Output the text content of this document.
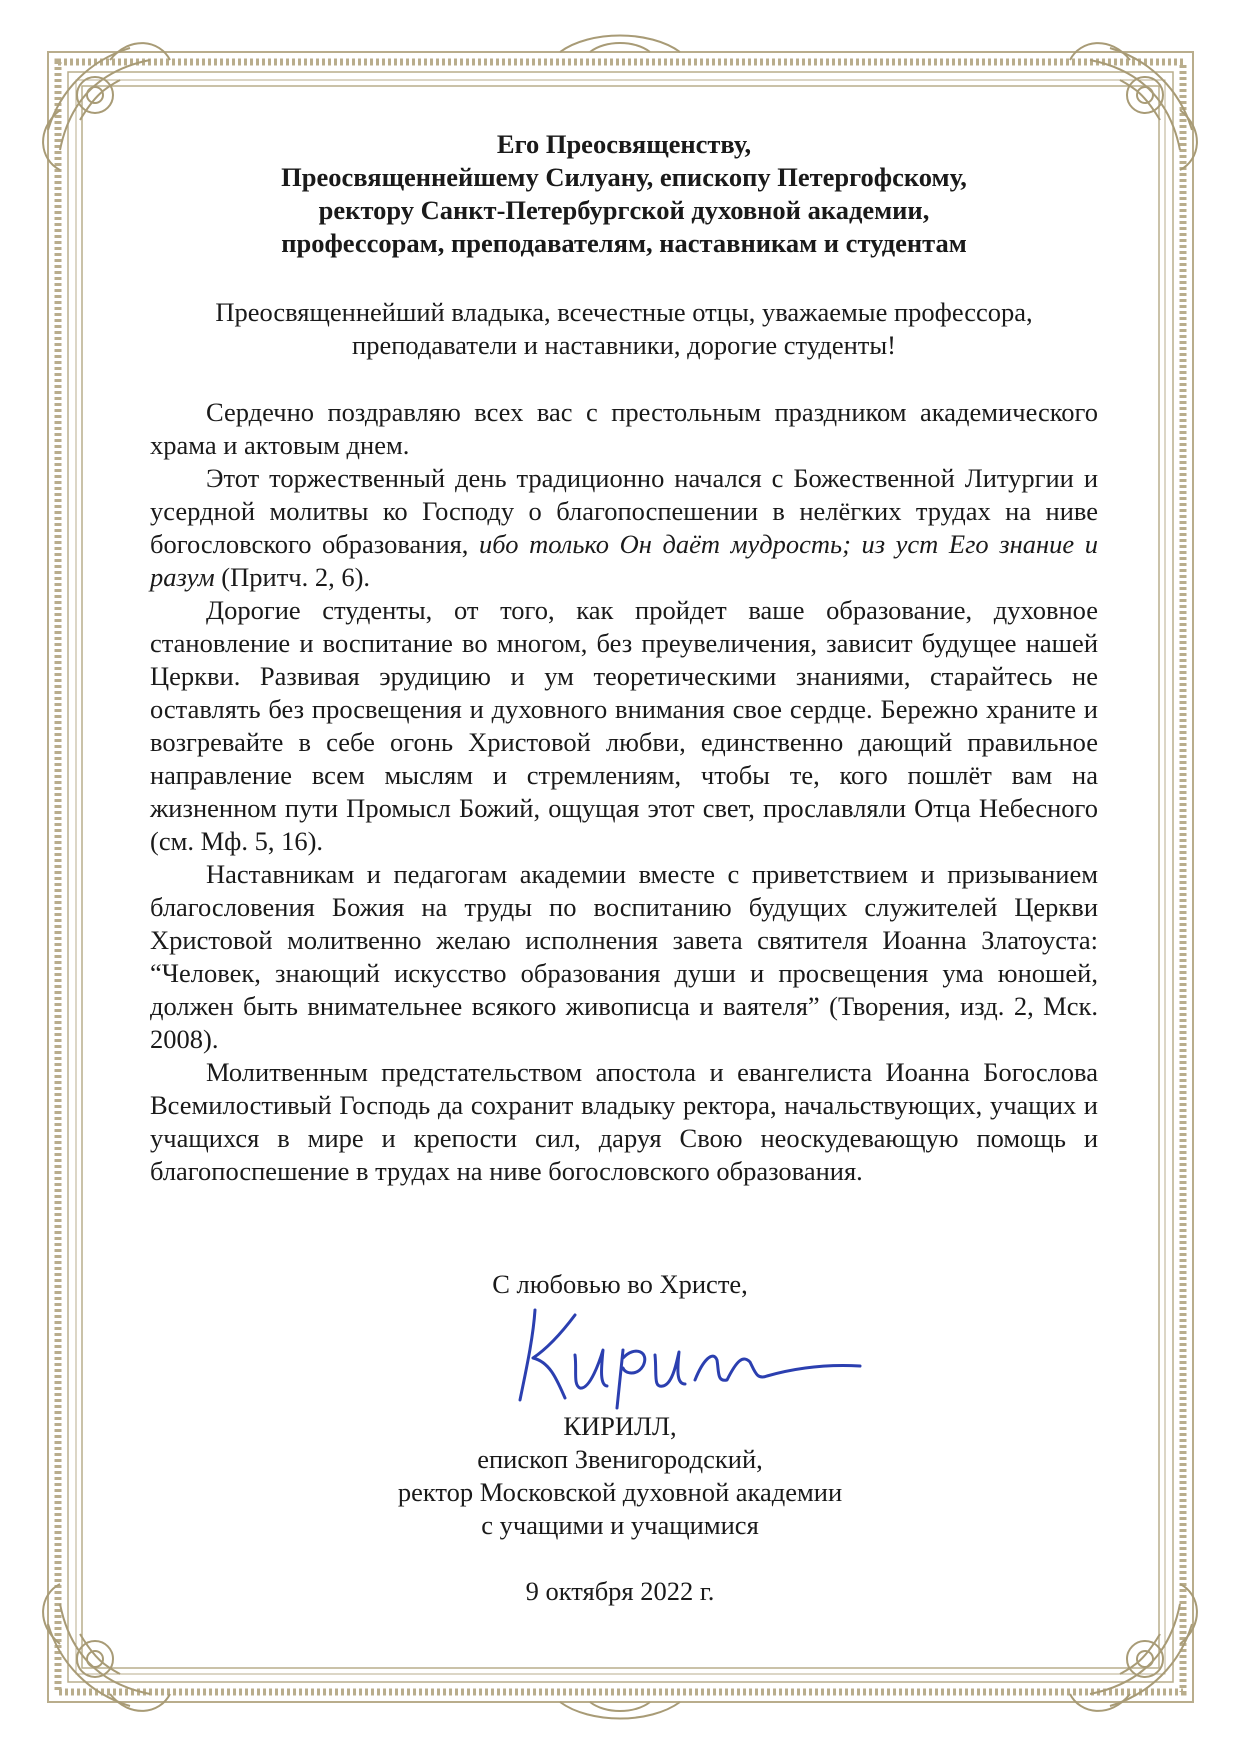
Его Преосвященству,
Преосвященнейшему Силуану, епископу Петергофскому,
ректору Санкт-Петербургской духовной академии,
профессорам, преподавателям, наставникам и студентам
Преосвященнейший владыка, всечестные отцы, уважаемые профессора,
преподаватели и наставники, дорогие студенты!

Сердечно поздравляю всех вас с престольным праздником академического храма и актовым днем.

Этот торжественный день традиционно начался с Божественной Литургии и усердной молитвы ко Господу о благопоспешении в нелёгких трудах на ниве богословского образования, ибо только Он даёт мудрость; из уст Его знание и разум (Притч. 2, 6).

Дорогие студенты, от того, как пройдет ваше образование, духовное становление и воспитание во многом, без преувеличения, зависит будущее нашей Церкви. Развивая эрудицию и ум теоретическими знаниями, старайтесь не оставлять без просвещения и духовного внимания свое сердце. Бережно храните и возгревайте в себе огонь Христовой любви, единственно дающий правильное направление всем мыслям и стремлениям, чтобы те, кого пошлёт вам на жизненном пути Промысл Божий, ощущая этот свет, прославляли Отца Небесного (см. Мф. 5, 16).

Наставникам и педагогам академии вместе с приветствием и призыванием благословения Божия на труды по воспитанию будущих служителей Церкви Христовой молитвенно желаю исполнения завета святителя Иоанна Златоуста: “Человек, знающий искусство образования души и просвещения ума юношей, должен быть внимательнее всякого живописца и ваятеля” (Творения, изд. 2, Мск. 2008).

Молитвенным предстательством апостола и евангелиста Иоанна Богослова Всемилостивый Господь да сохранит владыку ректора, начальствующих, учащих и учащихся в мире и крепости сил, даруя Свою неоскудевающую помощь и благопоспешение в трудах на ниве богословского образования.

С любовью во Христе,
КИРИЛЛ,
епископ Звенигородский,
ректор Московской духовной академии
с учащими и учащимися
9 октября 2022 г.
